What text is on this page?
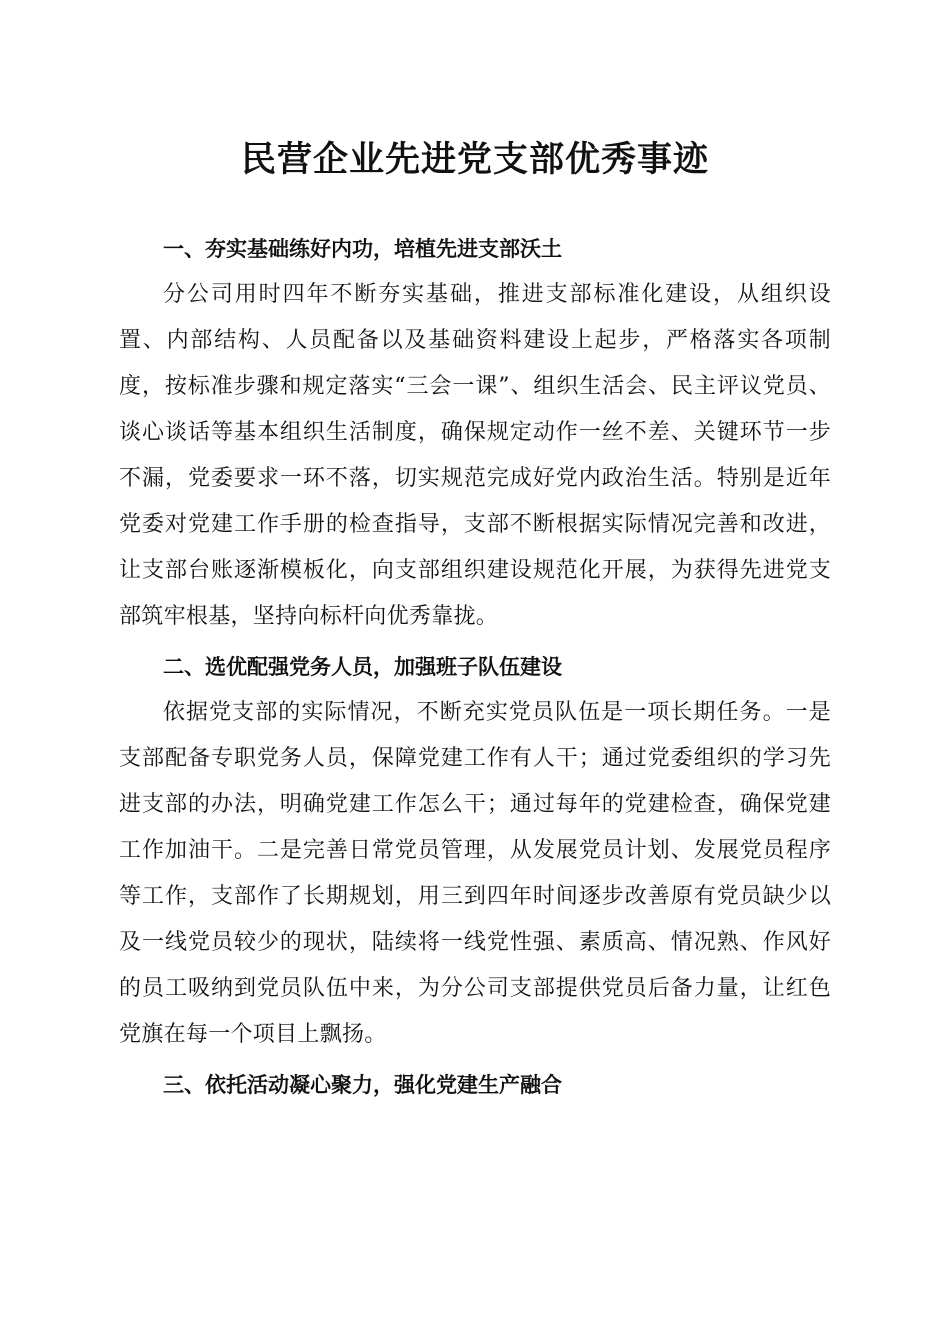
民营企业先进党支部优秀事迹

一、夯实基础练好内功，培植先进支部沃土

分公司用时四年不断夯实基础，推进支部标准化建设，从组织设置、内部结构、人员配备以及基础资料建设上起步，严格落实各项制度，按标准步骤和规定落实“三会一课”、组织生活会、民主评议党员、谈心谈话等基本组织生活制度，确保规定动作一丝不差、关键环节一步不漏，党委要求一环不落，切实规范完成好党内政治生活。特别是近年党委对党建工作手册的检查指导，支部不断根据实际情况完善和改进，让支部台账逐渐模板化，向支部组织建设规范化开展，为获得先进党支部筑牢根基，坚持向标杆向优秀靠拢。

二、选优配强党务人员，加强班子队伍建设

依据党支部的实际情况，不断充实党员队伍是一项长期任务。一是支部配备专职党务人员，保障党建工作有人干；通过党委组织的学习先进支部的办法，明确党建工作怎么干；通过每年的党建检查，确保党建工作加油干。二是完善日常党员管理，从发展党员计划、发展党员程序等工作，支部作了长期规划，用三到四年时间逐步改善原有党员缺少以及一线党员较少的现状，陆续将一线党性强、素质高、情况熟、作风好的员工吸纳到党员队伍中来，为分公司支部提供党员后备力量，让红色党旗在每一个项目上飘扬。

三、依托活动凝心聚力，强化党建生产融合
